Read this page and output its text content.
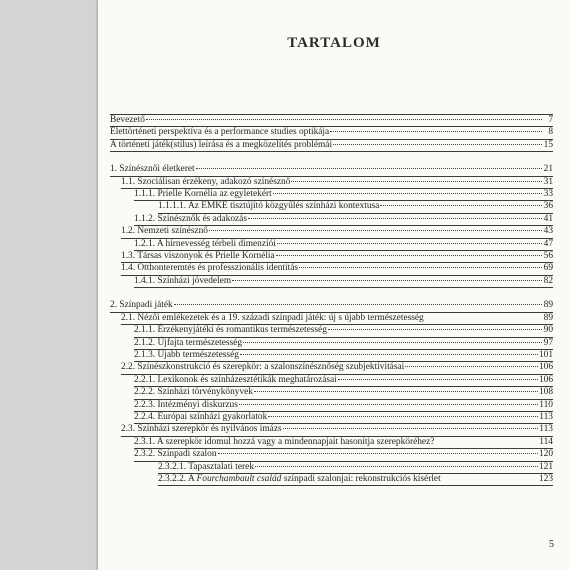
TARTALOM
Bevezető	7
Élettörténeti perspektíva és a performance studies optikája	8
A történeti játék(stílus) leírása és a megközelítés problémái	15
1. Színésznői életkeret	21
1.1. Szociálisan érzékeny, adakozó színésznő	31
1.1.1. Prielle Kornélia az egyletekért	33
1.1.1.1. Az EMKE tisztújító közgyűlés színházi kontextusa	36
1.1.2. Színésznők és adakozás	41
1.2. Nemzeti színésznő	43
1.2.1. A hírnevesség térbeli dimenziói	47
1.3. Társas viszonyok és Prielle Kornélia	56
1.4. Otthonteremtés és professzionális identitás	69
1.4.1. Színházi jövedelem	82
2. Színpadi játék	89
2.1. Nézői emlékezetek és a 19. századi színpadi játék: új s újabb természetesség	89
2.1.1. Érzékenyjátéki és romantikus természetesség	90
2.1.2. Újfajta természetesség	97
2.1.3. Újabb természetesség	101
2.2. Színészkonstrukció és szerepkör: a szalonszínésznőség szubjektivitásai	106
2.2.1. Lexikonok és színházesztétikák meghatározásai	106
2.2.2. Színházi törvénykönyvek	108
2.2.3. Intézményi diskurzus	110
2.2.4. Európai színházi gyakorlatok	113
2.3. Színházi szerepkör és nyilvános imázs	113
2.3.1. A szerepkör idomul hozzá vagy a mindennapjait hasonítja szerepköréhez?	114
2.3.2. Színpadi szalon	120
2.3.2.1. Tapasztalati terek	121
2.3.2.2. A Fourchambault család színpadi szalonjai: rekonstrukciós kísérlet	123
5
